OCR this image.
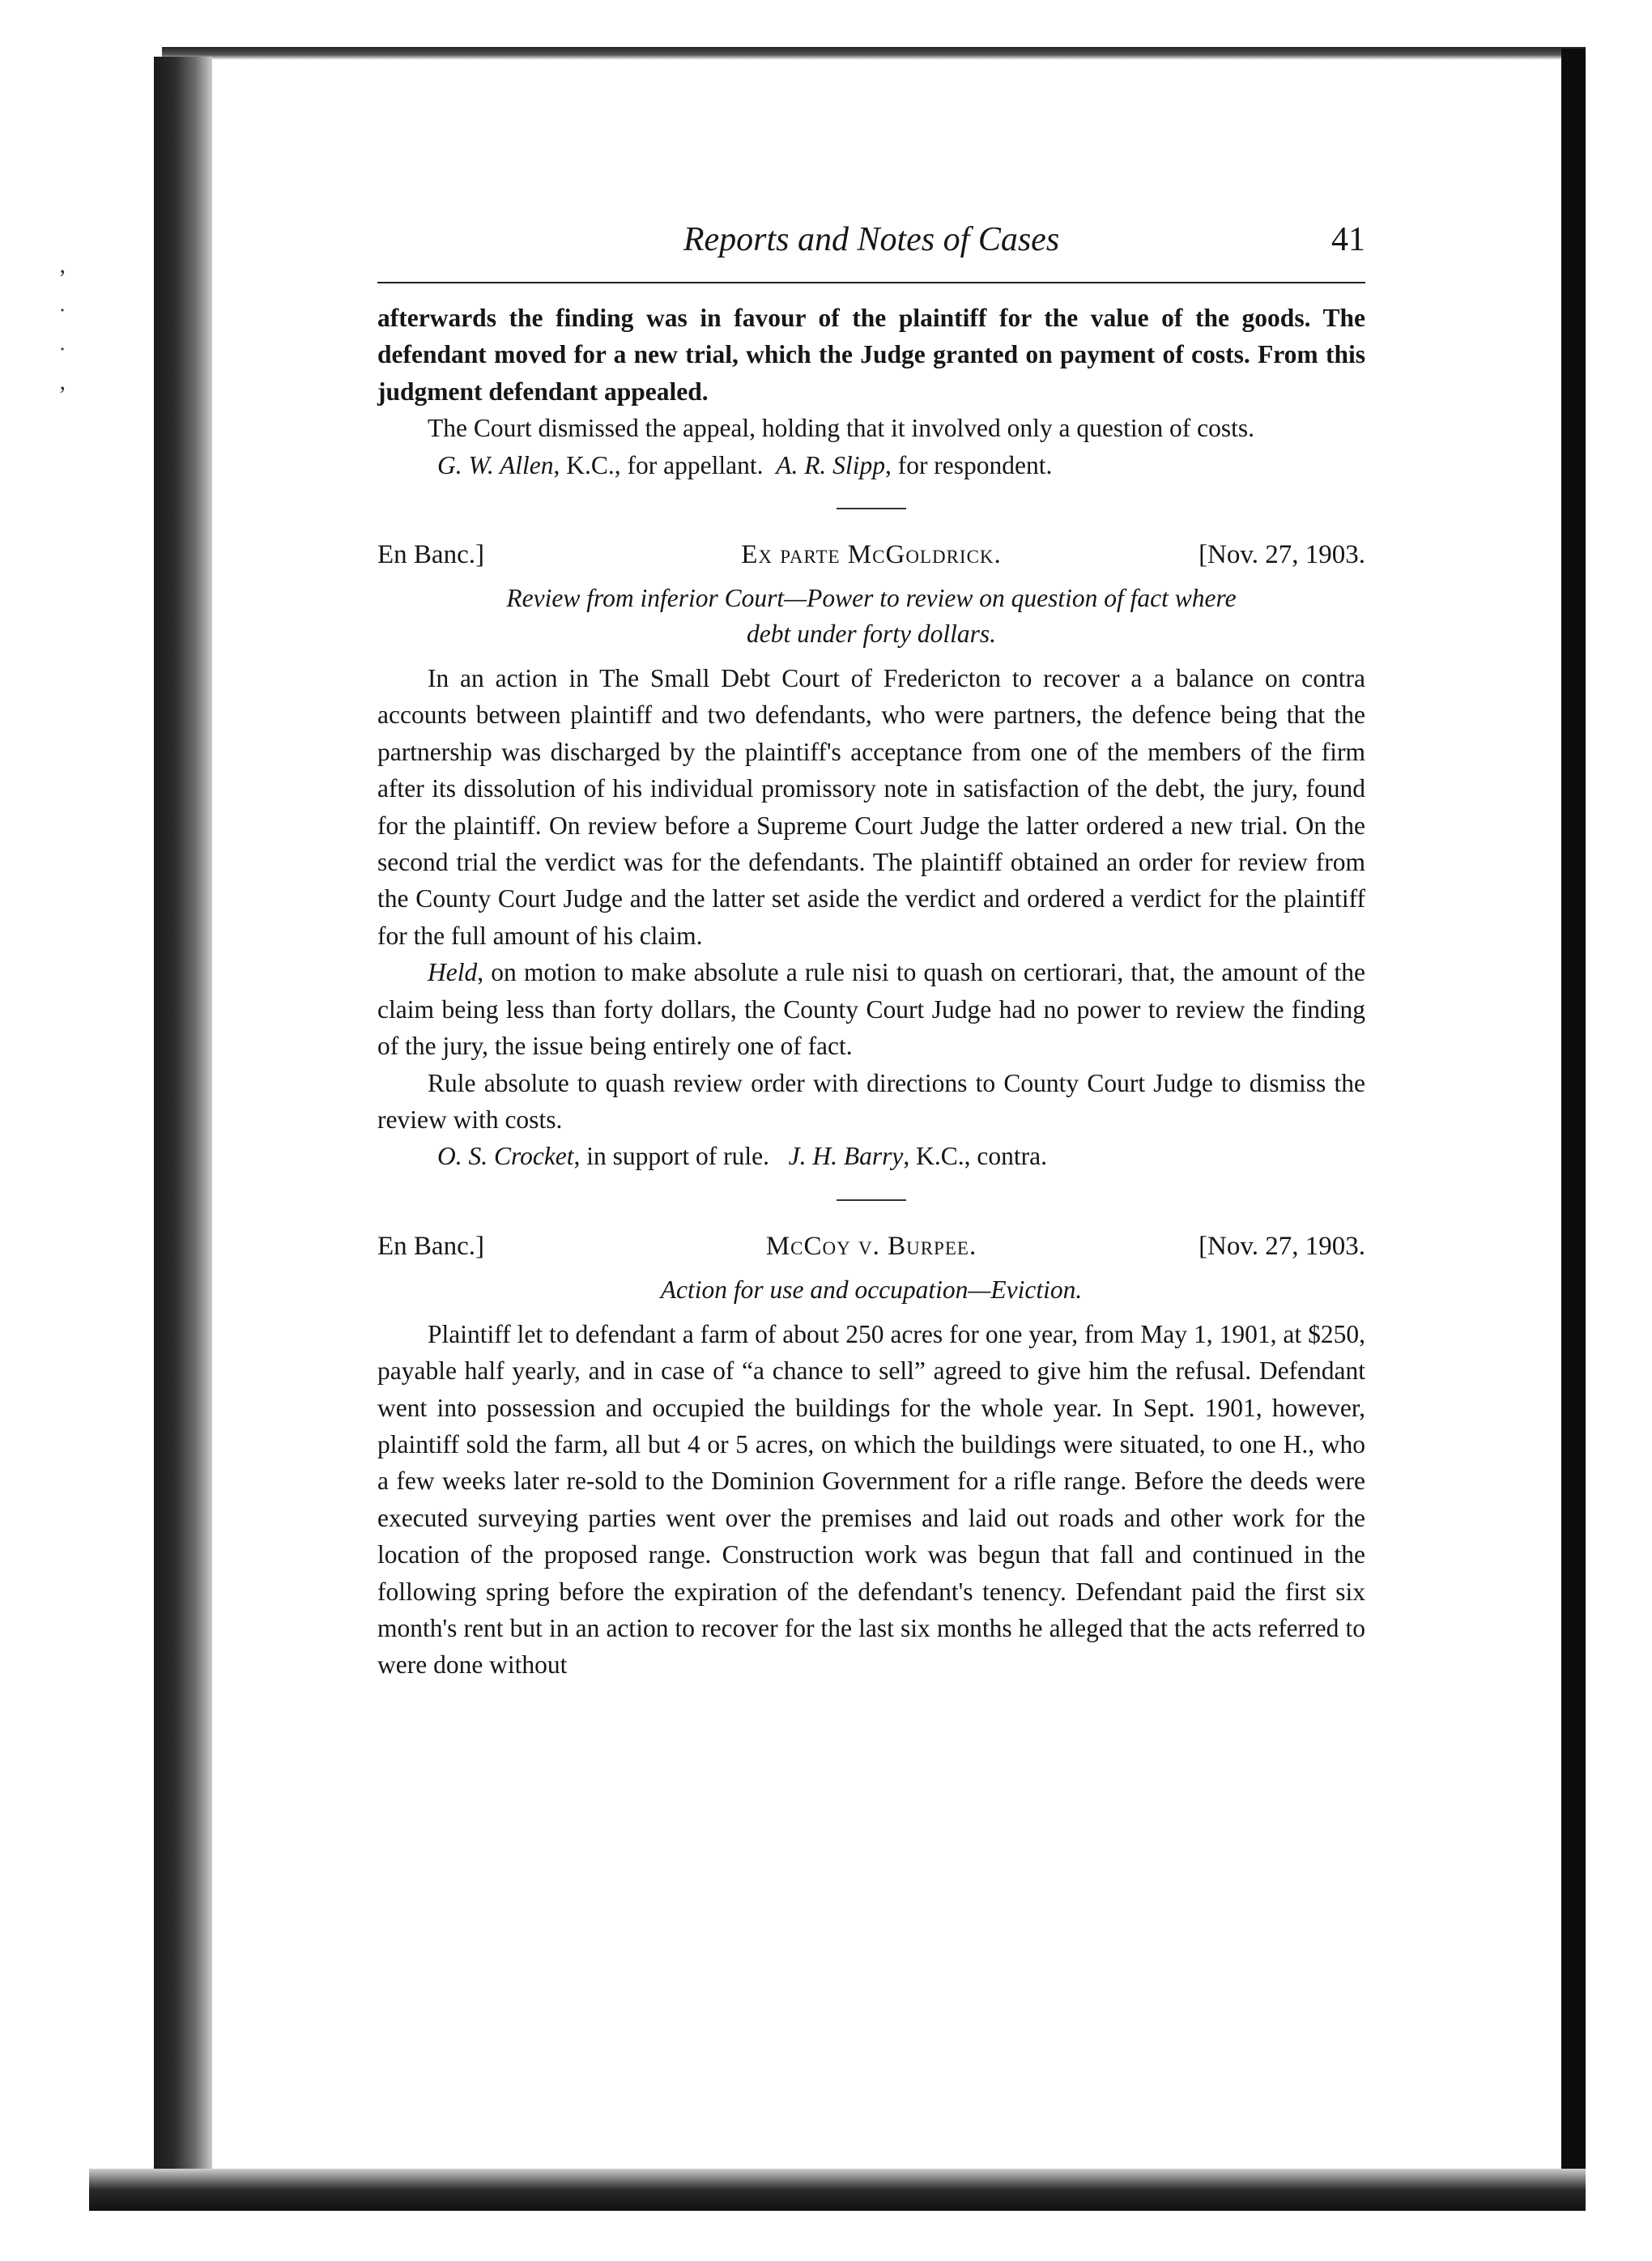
’
˙
˙
’
Reports and Notes of Cases	41

afterwards the finding was in favour of the plaintiff for the value of the goods. The defendant moved for a new trial, which the Judge granted on payment of costs. From this judgment defendant appealed.

The Court dismissed the appeal, holding that it involved only a question of costs.

G. W. Allen, K.C., for appellant. A. R. Slipp, for respondent.

En Banc.]	Ex parte McGoldrick.	[Nov. 27, 1903.
Review from inferior Court—Power to review on question of fact where
debt under forty dollars.

In an action in The Small Debt Court of Fredericton to recover a a balance on contra accounts between plaintiff and two defendants, who were partners, the defence being that the partnership was discharged by the plaintiff's acceptance from one of the members of the firm after its dissolution of his individual promissory note in satisfaction of the debt, the jury, found for the plaintiff. On review before a Supreme Court Judge the latter ordered a new trial. On the second trial the verdict was for the defendants. The plaintiff obtained an order for review from the County Court Judge and the latter set aside the verdict and ordered a verdict for the plaintiff for the full amount of his claim.

Held, on motion to make absolute a rule nisi to quash on certiorari, that, the amount of the claim being less than forty dollars, the County Court Judge had no power to review the finding of the jury, the issue being entirely one of fact.

Rule absolute to quash review order with directions to County Court Judge to dismiss the review with costs.

O. S. Crocket, in support of rule. J. H. Barry, K.C., contra.

En Banc.]	McCoy v. Burpee.	[Nov. 27, 1903.
Action for use and occupation—Eviction.

Plaintiff let to defendant a farm of about 250 acres for one year, from May 1, 1901, at $250, payable half yearly, and in case of “a chance to sell” agreed to give him the refusal. Defendant went into possession and occupied the buildings for the whole year. In Sept. 1901, however, plaintiff sold the farm, all but 4 or 5 acres, on which the buildings were situated, to one H., who a few weeks later re-sold to the Dominion Government for a rifle range. Before the deeds were executed surveying parties went over the premises and laid out roads and other work for the location of the proposed range. Construction work was begun that fall and continued in the following spring before the expiration of the defendant's tenency. Defendant paid the first six month's rent but in an action to recover for the last six months he alleged that the acts referred to were done without
